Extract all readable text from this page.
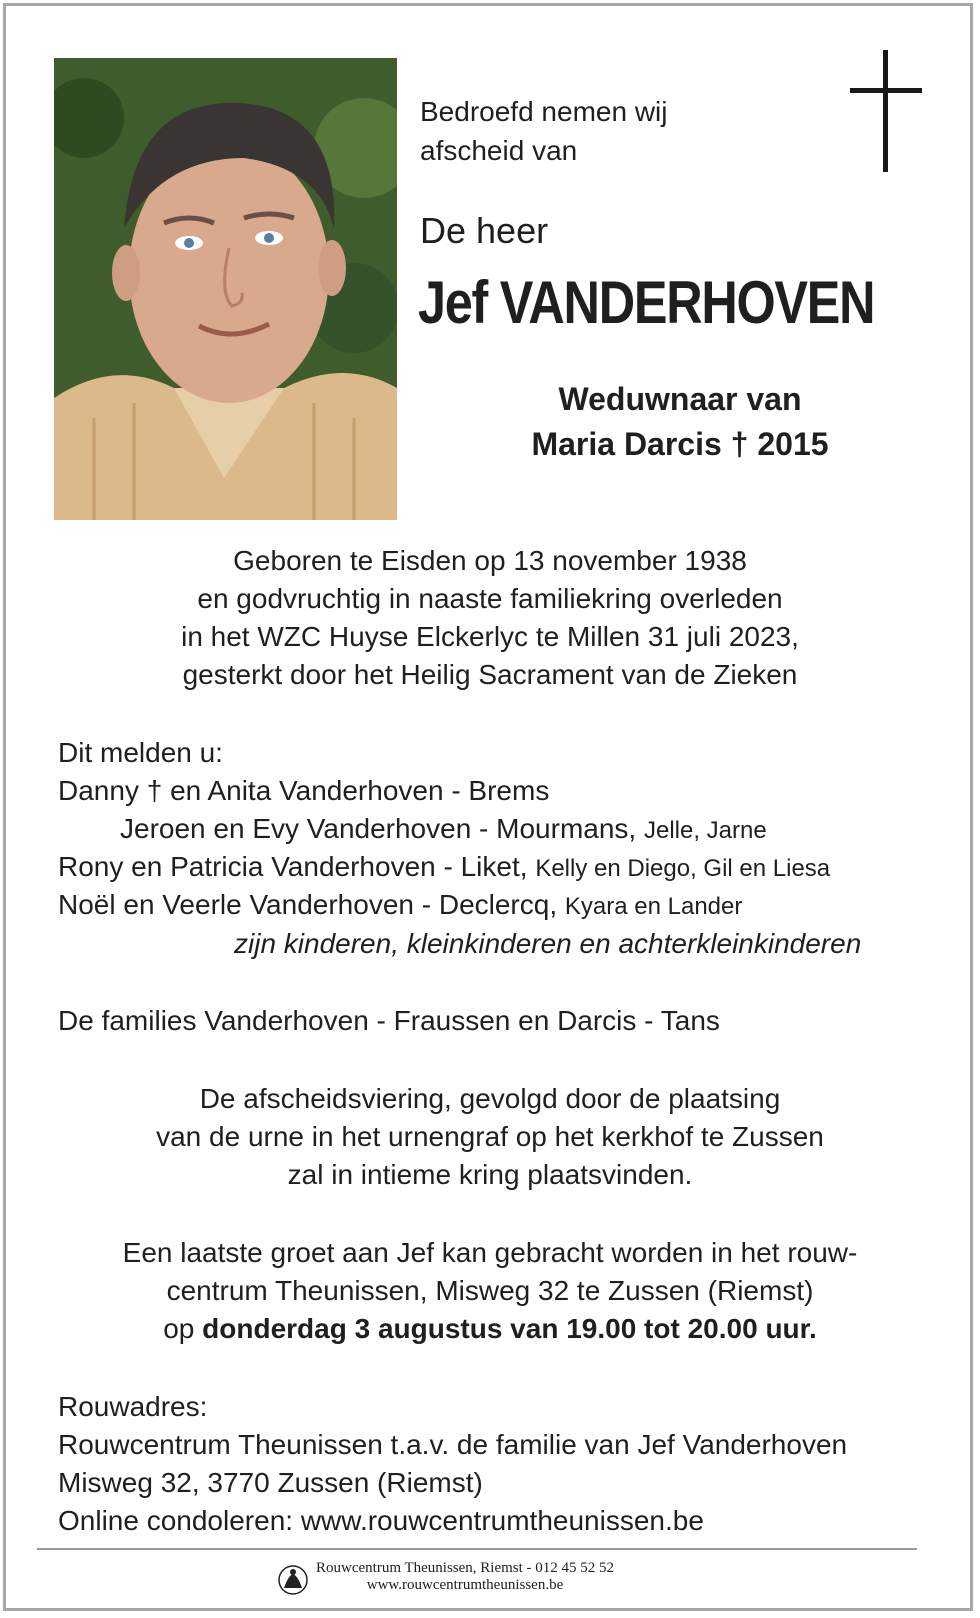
Bedroefd nemen wij
afscheid van
De heer
Jef VANDERHOVEN
Weduwnaar van
Maria Darcis † 2015
Geboren te Eisden op 13 november 1938
en godvruchtig in naaste familiekring overleden
in het WZC Huyse Elckerlyc te Millen 31 juli 2023,
gesterkt door het Heilig Sacrament van de Zieken
Dit melden u:
Danny † en Anita Vanderhoven - Brems
Jeroen en Evy Vanderhoven - Mourmans, Jelle, Jarne
Rony en Patricia Vanderhoven - Liket, Kelly en Diego, Gil en Liesa
Noël en Veerle Vanderhoven - Declercq, Kyara en Lander
zijn kinderen, kleinkinderen en achterkleinkinderen
De families Vanderhoven - Fraussen en Darcis - Tans
De afscheidsviering, gevolgd door de plaatsing
van de urne in het urnengraf op het kerkhof te Zussen
zal in intieme kring plaatsvinden.
Een laatste groet aan Jef kan gebracht worden in het rouw-
centrum Theunissen, Misweg 32 te Zussen (Riemst)
op donderdag 3 augustus van 19.00 tot 20.00 uur.
Rouwadres:
Rouwcentrum Theunissen t.a.v. de familie van Jef Vanderhoven
Misweg 32, 3770 Zussen (Riemst)
Online condoleren: www.rouwcentrumtheunissen.be
Rouwcentrum Theunissen, Riemst - 012 45 52 52
www.rouwcentrumtheunissen.be
